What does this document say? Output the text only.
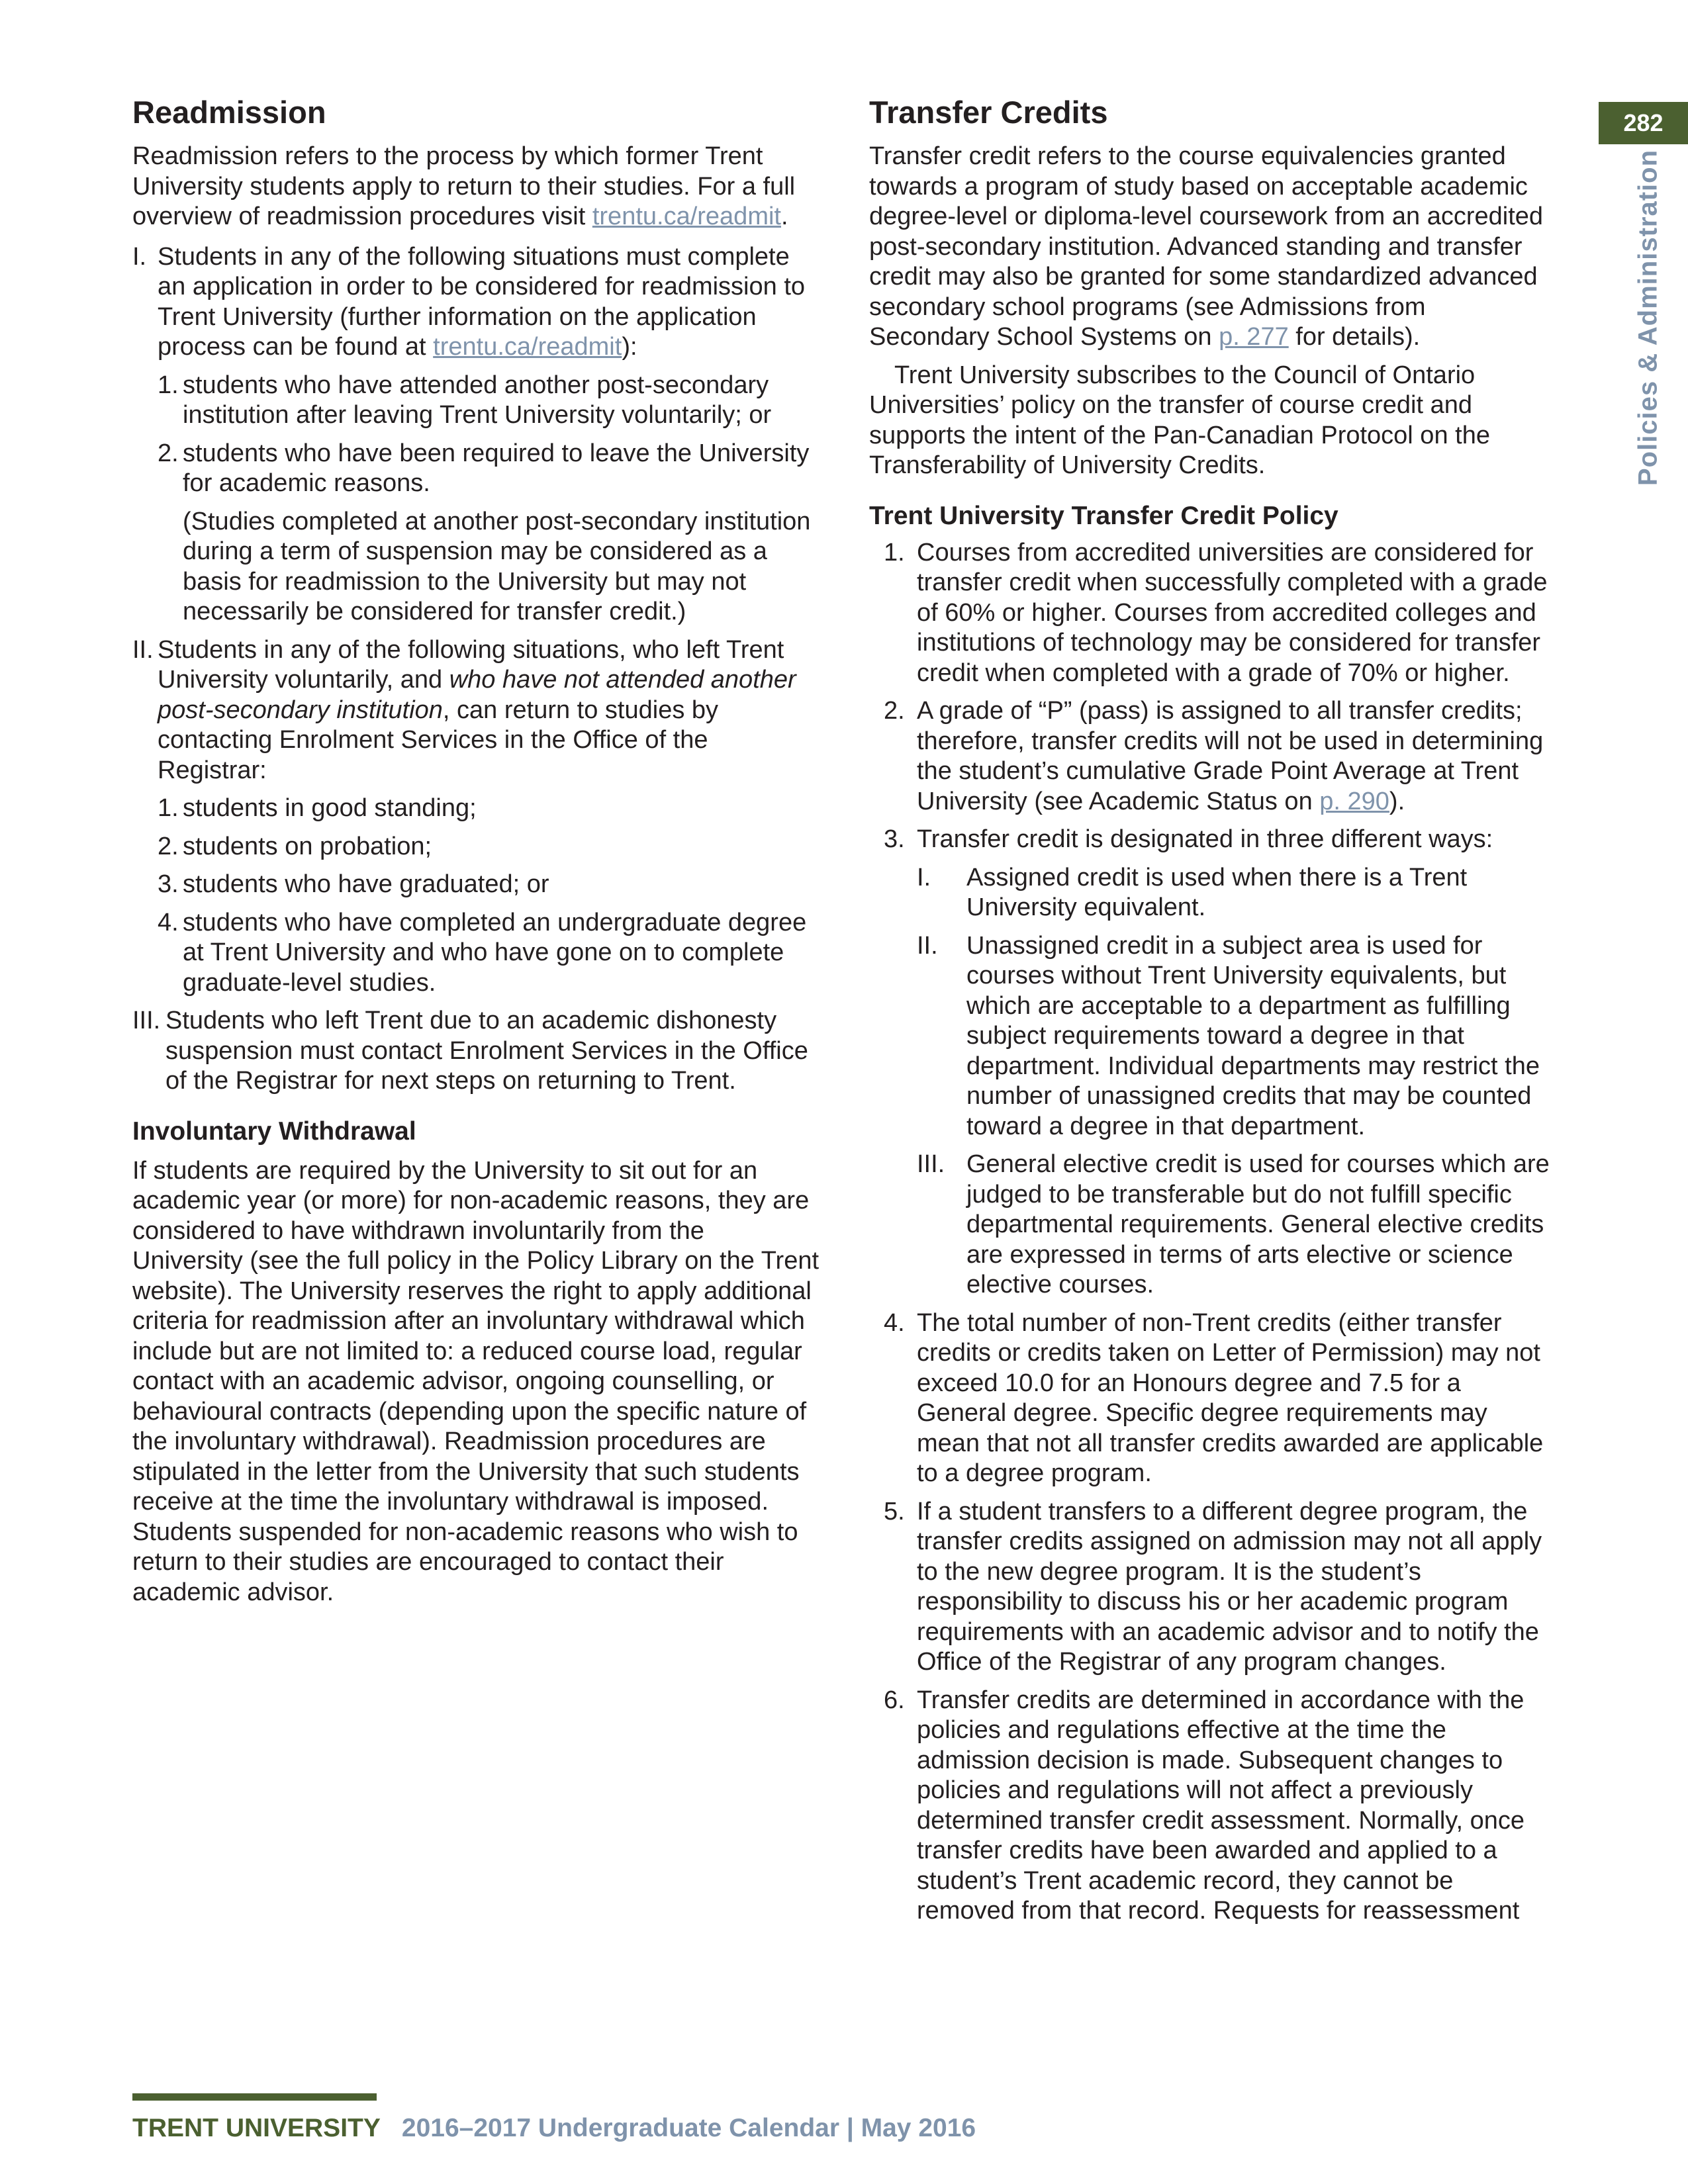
282
Policies & Administration
Readmission

Readmission refers to the process by which former Trent University students apply to return to their studies. For a full overview of readmission procedures visit trentu.ca/readmit.

I. Students in any of the following situations must complete an application in order to be considered for readmission to Trent University (further information on the application process can be found at trentu.ca/readmit):
1. students who have attended another post-secondary institution after leaving Trent University voluntarily; or
2. students who have been required to leave the University for academic reasons.
(Studies completed at another post-secondary institution during a term of suspension may be considered as a basis for readmission to the University but may not necessarily be considered for transfer credit.)
II. Students in any of the following situations, who left Trent University voluntarily, and who have not attended another post-secondary institution, can return to studies by contacting Enrolment Services in the Office of the Registrar:
1. students in good standing;
2. students on probation;
3. students who have graduated; or
4. students who have completed an undergraduate degree at Trent University and who have gone on to complete graduate-level studies.
III. Students who left Trent due to an academic dishonesty suspension must contact Enrolment Services in the Office of the Registrar for next steps on returning to Trent.
Involuntary Withdrawal

If students are required by the University to sit out for an academic year (or more) for non-academic reasons, they are considered to have withdrawn involuntarily from the University (see the full policy in the Policy Library on the Trent website). The University reserves the right to apply additional criteria for readmission after an involuntary withdrawal which include but are not limited to: a reduced course load, regular contact with an academic advisor, ongoing counselling, or behavioural contracts (depending upon the specific nature of the involuntary withdrawal). Readmission procedures are stipulated in the letter from the University that such students receive at the time the involuntary withdrawal is imposed. Students suspended for non-academic reasons who wish to return to their studies are encouraged to contact their academic advisor.

Transfer Credits

Transfer credit refers to the course equivalencies granted towards a program of study based on acceptable academic degree-level or diploma-level coursework from an accredited post-secondary institution. Advanced standing and transfer credit may also be granted for some standardized advanced secondary school programs (see Admissions from Secondary School Systems on p. 277 for details).

Trent University subscribes to the Council of Ontario Universities’ policy on the transfer of course credit and supports the intent of the Pan-Canadian Protocol on the Transferability of University Credits.

Trent University Transfer Credit Policy
1. Courses from accredited universities are considered for transfer credit when successfully completed with a grade of 60% or higher. Courses from accredited colleges and institutions of technology may be considered for transfer credit when completed with a grade of 70% or higher.
2. A grade of “P” (pass) is assigned to all transfer credits; therefore, transfer credits will not be used in determining the student’s cumulative Grade Point Average at Trent University (see Academic Status on p. 290).
3. Transfer credit is designated in three different ways:
I.	Assigned credit is used when there is a Trent University equivalent.
II.	Unassigned credit in a subject area is used for courses without Trent University equivalents, but which are acceptable to a department as fulfilling subject requirements toward a degree in that department. Individual departments may restrict the number of unassigned credits that may be counted toward a degree in that department.
III. General elective credit is used for courses which are judged to be transferable but do not fulfill specific departmental requirements. General elective credits are expressed in terms of arts elective or science elective courses.
4. The total number of non-Trent credits (either transfer credits or credits taken on Letter of Permission) may not exceed 10.0 for an Honours degree and 7.5 for a General degree. Specific degree requirements may mean that not all transfer credits awarded are applicable to a degree program.
5. If a student transfers to a different degree program, the transfer credits assigned on admission may not all apply to the new degree program. It is the student’s responsibility to discuss his or her academic program requirements with an academic advisor and to notify the Office of the Registrar of any program changes.
6. Transfer credits are determined in accordance with the policies and regulations effective at the time the admission decision is made. Subsequent changes to policies and regulations will not affect a previously determined transfer credit assessment. Normally, once transfer credits have been awarded and applied to a student’s Trent academic record, they cannot be removed from that record. Requests for reassessment
TRENT UNIVERSITY 2016–2017 Undergraduate Calendar | May 2016
